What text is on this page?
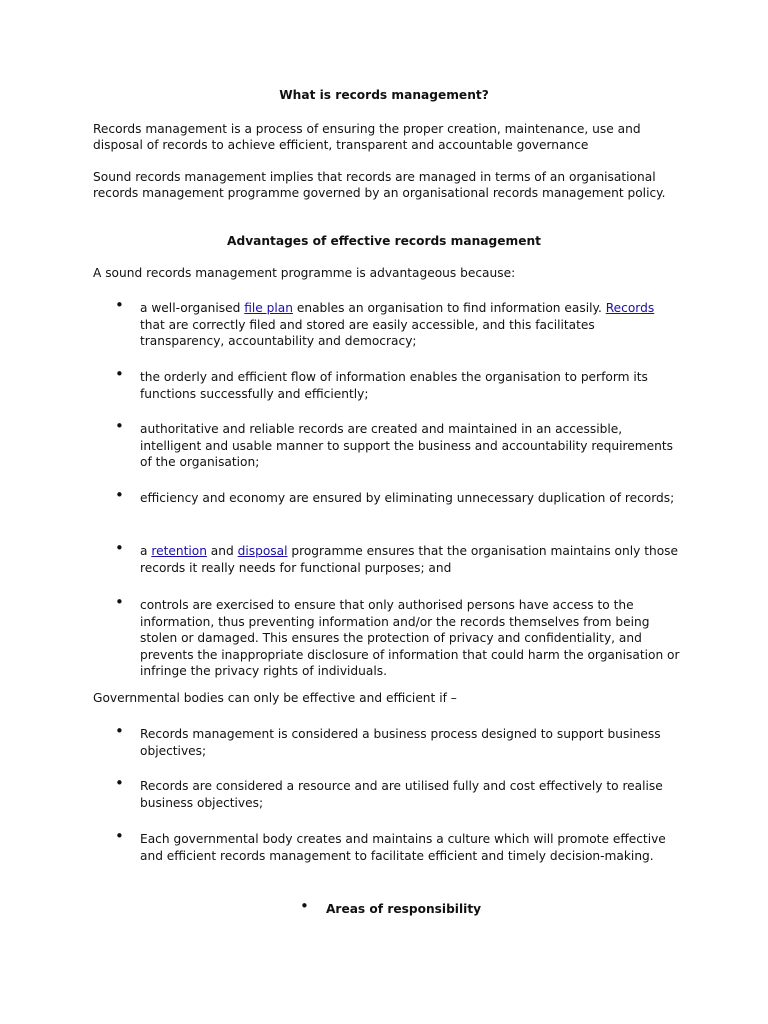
What is records management?

Records management is a process of ensuring the proper creation, maintenance, use and disposal of records to achieve efficient, transparent and accountable governance

Sound records management implies that records are managed in terms of an organisational records management programme governed by an organisational records management policy.

Advantages of effective records management

A sound records management programme is advantageous because:

• a well-organised file plan enables an organisation to find information easily. Records that are correctly filed and stored are easily accessible, and this facilitates transparency, accountability and democracy;

• the orderly and efficient flow of information enables the organisation to perform its functions successfully and efficiently;

• authoritative and reliable records are created and maintained in an accessible, intelligent and usable manner to support the business and accountability requirements of the organisation;

• efficiency and economy are ensured by eliminating unnecessary duplication of records;

• a retention and disposal programme ensures that the organisation maintains only those records it really needs for functional purposes; and

• controls are exercised to ensure that only authorised persons have access to the information, thus preventing information and/or the records themselves from being stolen or damaged. This ensures the protection of privacy and confidentiality, and prevents the inappropriate disclosure of information that could harm the organisation or infringe the privacy rights of individuals.

Governmental bodies can only be effective and efficient if –

• Records management is considered a business process designed to support business objectives;

• Records are considered a resource and are utilised fully and cost effectively to realise business objectives;

• Each governmental body creates and maintains a culture which will promote effective and efficient records management to facilitate efficient and timely decision-making.

• Areas of responsibility
